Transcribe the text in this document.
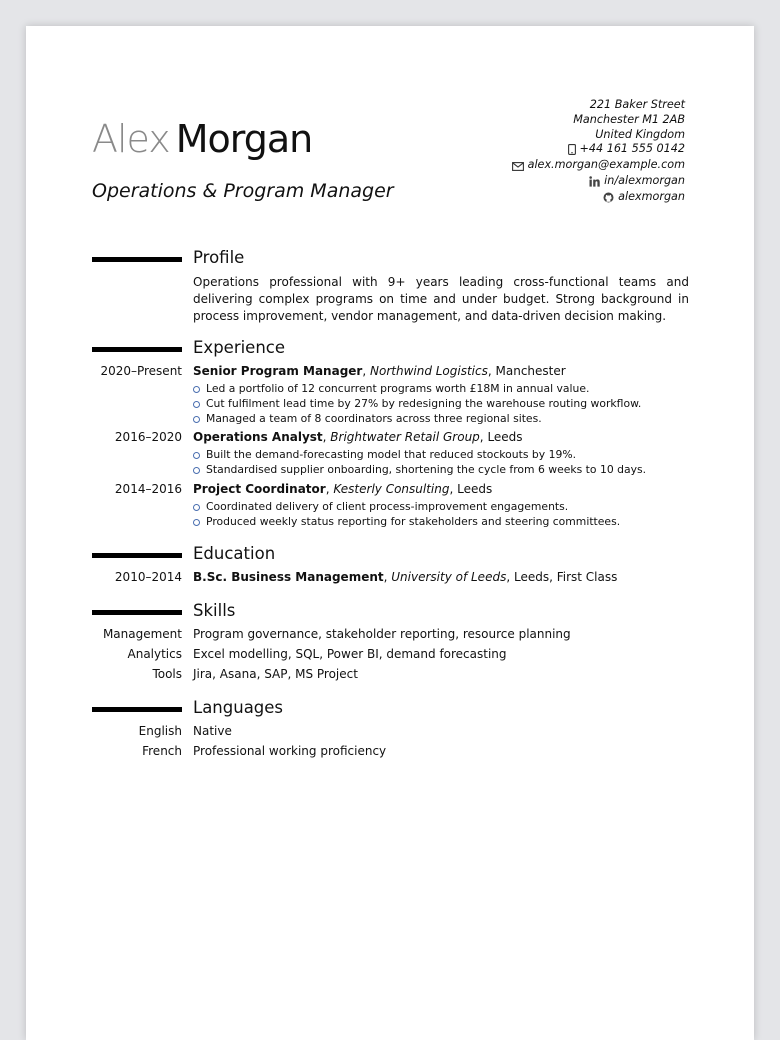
Alex Morgan
Operations & Program Manager
221 Baker Street
Manchester M1 2AB
United Kingdom
+44 161 555 0142
alex.morgan@example.com
in/alexmorgan
alexmorgan
Profile
Operations professional with 9+ years leading cross-functional teams and delivering complex programs on time and under budget. Strong background in process improvement, vendor management, and data-driven decision making.
Experience
2020–Present Senior Program Manager, Northwind Logistics, Manchester
Led a portfolio of 12 concurrent programs worth £18M in annual value.
Cut fulfilment lead time by 27% by redesigning the warehouse routing workflow.
Managed a team of 8 coordinators across three regional sites.
2016–2020 Operations Analyst, Brightwater Retail Group, Leeds
Built the demand-forecasting model that reduced stockouts by 19%.
Standardised supplier onboarding, shortening the cycle from 6 weeks to 10 days.
2014–2016 Project Coordinator, Kesterly Consulting, Leeds
Coordinated delivery of client process-improvement engagements.
Produced weekly status reporting for stakeholders and steering committees.
Education
2010–2014 B.Sc. Business Management, University of Leeds, Leeds, First Class
Skills
Management Program governance, stakeholder reporting, resource planning
Analytics Excel modelling, SQL, Power BI, demand forecasting
Tools Jira, Asana, SAP, MS Project
Languages
English Native
French Professional working proficiency
